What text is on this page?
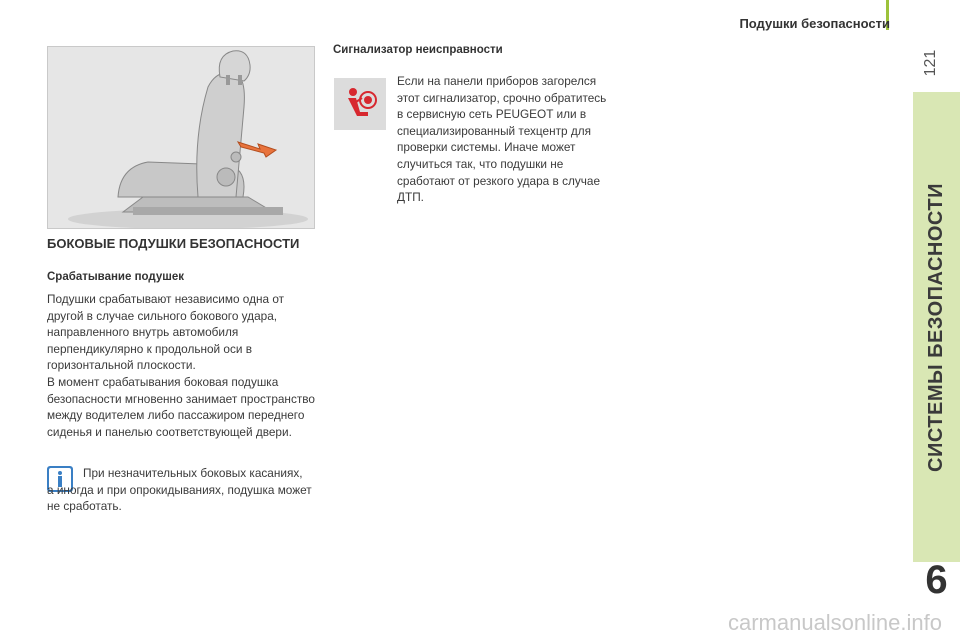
Подушки безопасности
121
СИСТЕМЫ БЕЗОПАСНОСТИ
6
БОКОВЫЕ ПОДУШКИ БЕЗОПАСНОСТИ
Срабатывание подушек

Подушки срабатывают независимо одна от другой в случае сильного бокового удара, направленного внутрь автомобиля перпендикулярно к продольной оси в горизонтальной плоскости.

В момент срабатывания боковая подушка безопасности мгновенно занимает пространство между водителем либо пассажиром переднего сиденья и панелью соответствующей двери.

При незначительных боковых касаниях, а иногда и при опрокидываниях, подушка может не сработать.
Сигнализатор неисправности
Если на панели приборов загорелся этот сигнализатор, срочно обратитесь в сервисную сеть PEUGEOT или в специализированный техцентр для проверки системы. Иначе может случиться так, что подушки не сработают от резкого удара в случае ДТП.
carmanualsonline.info
